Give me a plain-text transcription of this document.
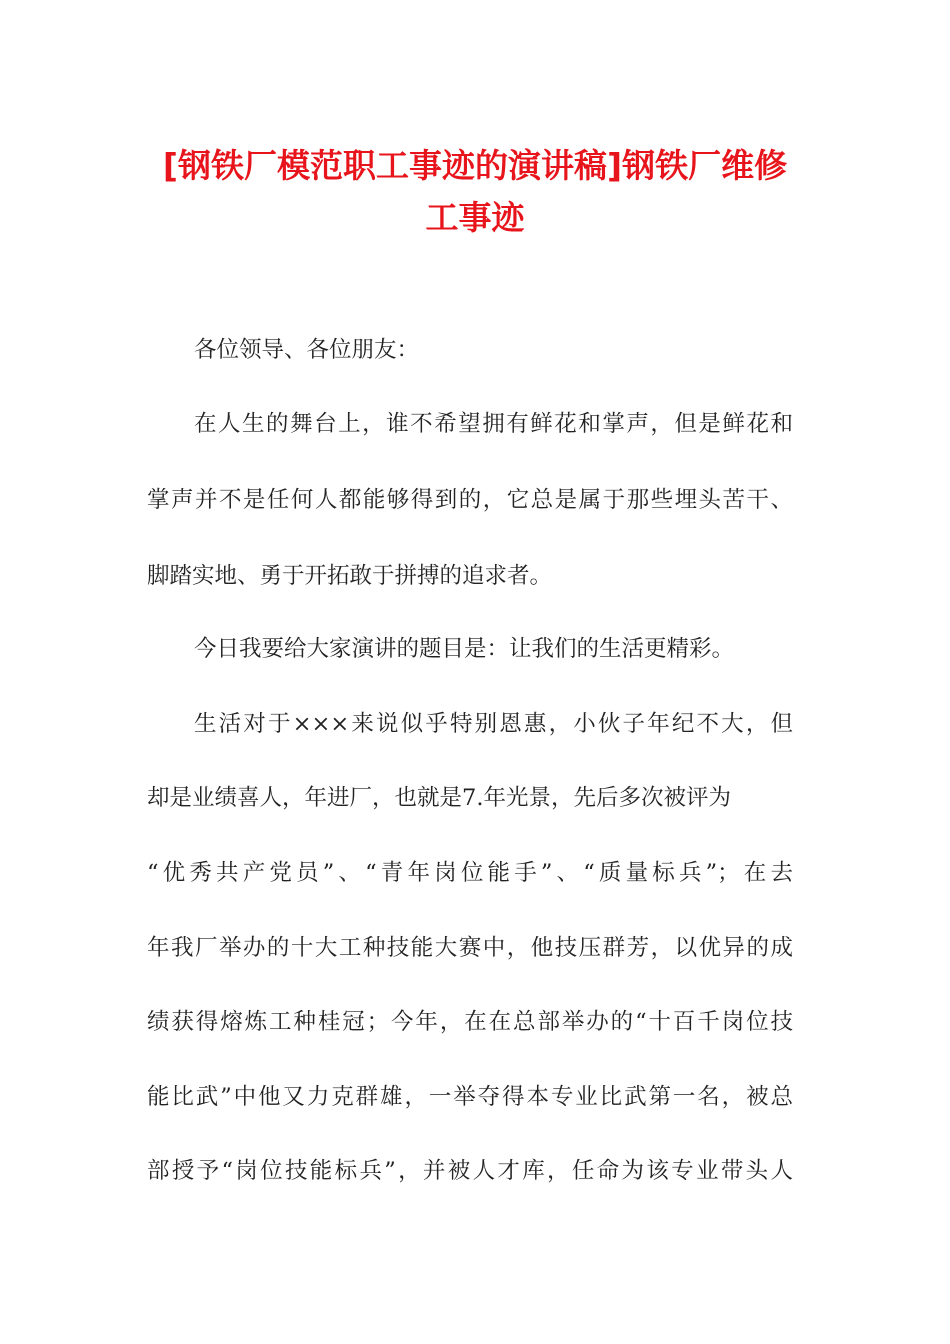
[钢铁厂模范职工事迹的演讲稿]钢铁厂维修
工事迹
各位领导、各位朋友：
在人生的舞台上，谁不希望拥有鲜花和掌声，但是鲜花和
掌声并不是任何人都能够得到的，它总是属于那些埋头苦干、
脚踏实地、勇于开拓敢于拼搏的追求者。
今日我要给大家演讲的题目是：让我们的生活更精彩。
生活对于×××来说似乎特别恩惠，小伙子年纪不大，但
却是业绩喜人，年进厂，也就是7.年光景，先后多次被评为
“优秀共产党员”、“青年岗位能手”、“质量标兵”；在去
年我厂举办的十大工种技能大赛中，他技压群芳，以优异的成
绩获得熔炼工种桂冠；今年，在在总部举办的“十百千岗位技
能比武”中他又力克群雄，一举夺得本专业比武第一名，被总
部授予“岗位技能标兵”，并被人才库，任命为该专业带头人
